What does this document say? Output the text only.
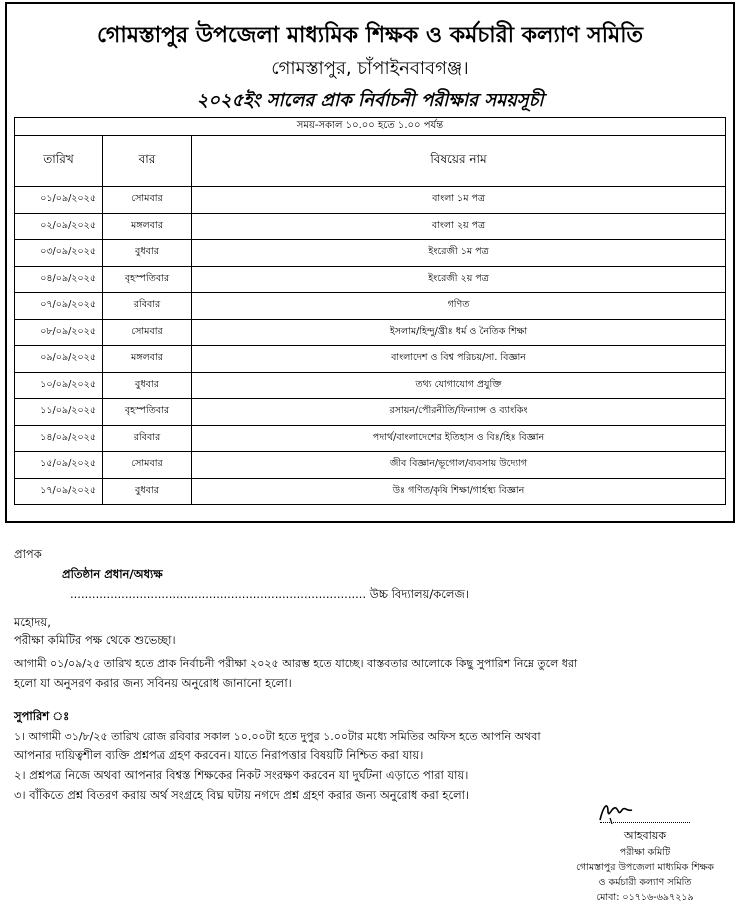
গোমস্তাপুর উপজেলা মাধ্যমিক শিক্ষক ও কর্মচারী কল্যাণ সমিতি
গোমস্তাপুর, চাঁপাইনবাবগঞ্জ।
২০২৫ইং সালের প্রাক নির্বাচনী পরীক্ষার সময়সূচী
সময়-সকাল ১০.০০ হতে ১.০০ পর্যন্ত		
তারিখ	বার	বিষয়ের নাম
০১/০৯/২০২৫	সোমবার	বাংলা ১ম পত্র
০২/০৯/২০২৫	মঙ্গলবার	বাংলা ২য় পত্র
০৩/০৯/২০২৫	বুধবার	ইংরেজী ১ম পত্র
০৪/০৯/২০২৫	বৃহস্পতিবার	ইংরেজী ২য় পত্র
০৭/০৯/২০২৫	রবিবার	গণিত
০৮/০৯/২০২৫	সোমবার	ইসলাম/হিন্দু/খ্রীঃ ধর্ম ও নৈতিক শিক্ষা
০৯/০৯/২০২৫	মঙ্গলবার	বাংলাদেশ ও বিশ্ব পরিচয়/সা. বিজ্ঞান
১০/০৯/২০২৫	বুধবার	তথ্য যোগাযোগ প্রযুক্তি
১১/০৯/২০২৫	বৃহস্পতিবার	রসায়ন/পৌরনীতি/ফিন্যান্স ও ব্যাংকিং
১৪/০৯/২০২৫	রবিবার	পদার্থ/বাংলাদেশের ইতিহাস ও বিঃ/হিঃ বিজ্ঞান
১৫/০৯/২০২৫	সোমবার	জীব বিজ্ঞান/ভূগোল/ব্যবসায় উদ্যোগ
১৭/০৯/২০২৫	বুধবার	উঃ গণিত/কৃষি শিক্ষা/গার্হস্থ্য বিজ্ঞান
প্রাপক
প্রতিষ্ঠান প্রধান/অধ্যক্ষ
................................................................................. উচ্চ বিদ্যালয়/কলেজ।
মহোদয়,
পরীক্ষা কমিটির পক্ষ থেকে শুভেচ্ছা।
আগামী ০১/০৯/২৫ তারিখ হতে প্রাক নির্বাচনী পরীক্ষা ২০২৫ আরম্ভ হতে যাচ্ছে। বাস্তবতার আলোকে কিছু সুপারিশ নিম্নে তুলে ধরা
হলো যা অনুসরণ করার জন্য সবিনয় অনুরোধ জানানো হলো।
সুপারিশ ঃ
১। আগামী ৩১/৮/২৫ তারিখ রোজ রবিবার সকাল ১০.০০টা হতে দুপুর ১.০০টার মধ্যে সমিতির অফিস হতে আপনি অথবা
আপনার দায়িত্বশীল ব্যক্তি প্রশ্নপত্র গ্রহণ করবেন। যাতে নিরাপত্তার বিষয়টি নিশ্চিত করা যায়।
২। প্রশ্নপত্র নিজে অথবা আপনার বিশ্বস্ত শিক্ষকের নিকট সংরক্ষণ করবেন যা দুর্ঘটনা এড়াতে পারা যায়।
৩। বাঁকিতে প্রশ্ন বিতরণ করায় অর্থ সংগ্রহে বিঘ্ন ঘটায় নগদে প্রশ্ন গ্রহণ করার জন্য অনুরোধ করা হলো।
আহবায়ক
পরীক্ষা কমিটি
গোমস্তাপুর উপজেলা মাধ্যমিক শিক্ষক
ও কর্মচারী কল্যাণ সমিতি
মোবা: ০১৭১৬-৬৯৭২১৯
